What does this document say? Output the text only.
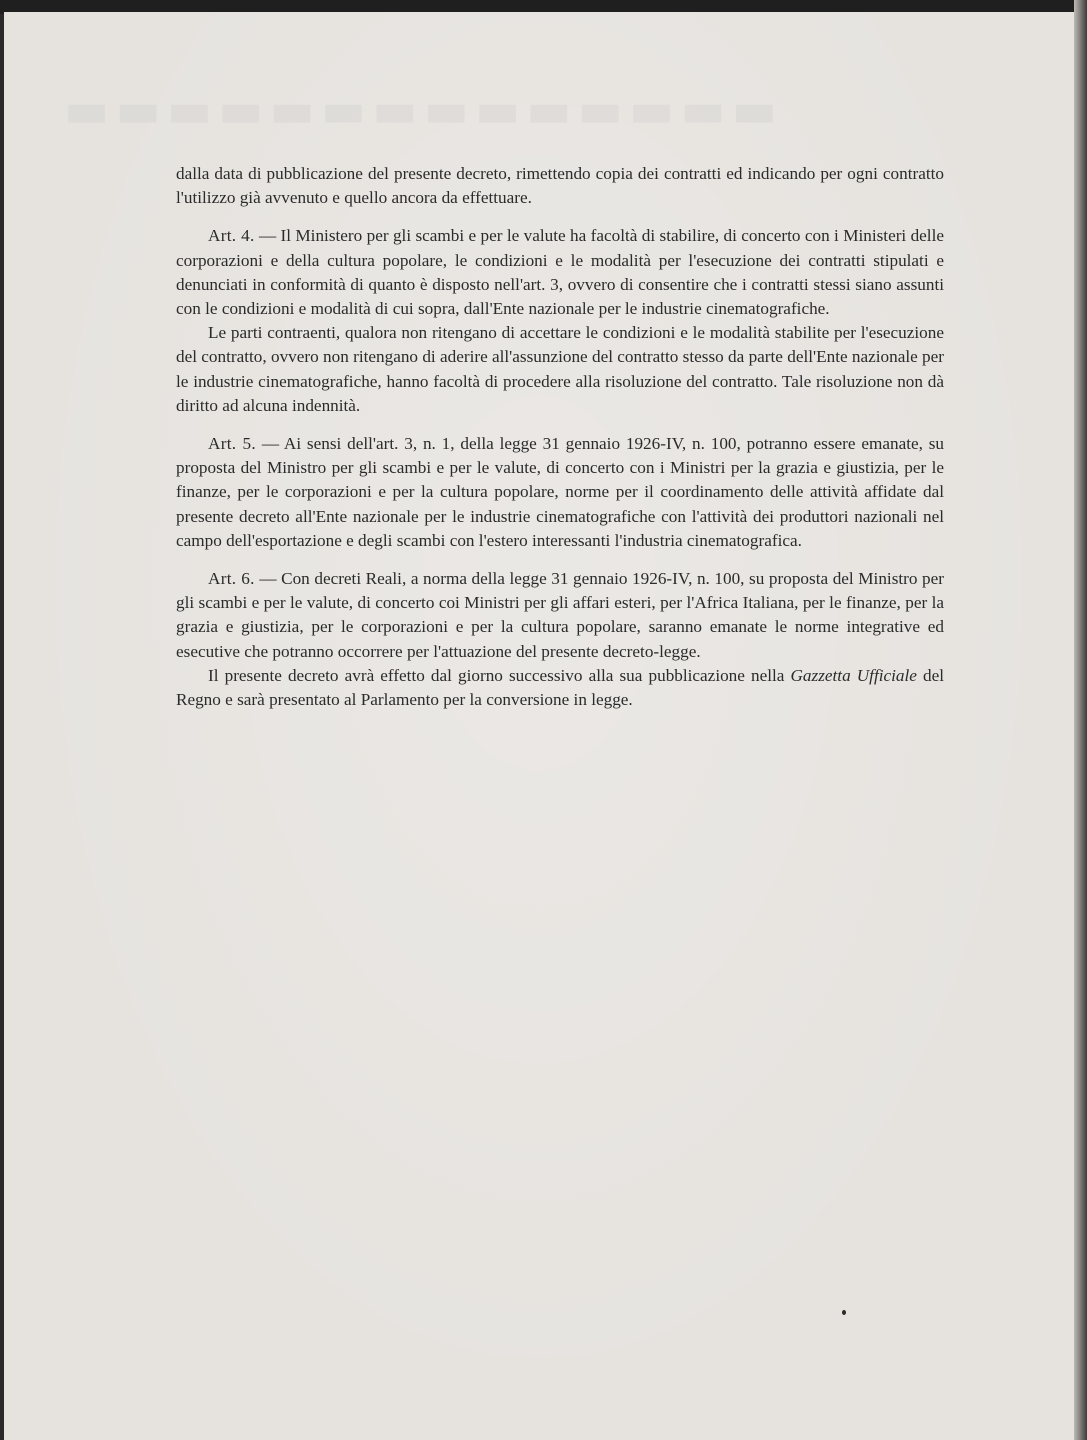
dalla data di pubblicazione del presente decreto, rimettendo copia dei contratti ed indicando per ogni contratto l'utilizzo già avvenuto e quello ancora da effettuare.

Art. 4. — Il Ministero per gli scambi e per le valute ha facoltà di stabilire, di concerto con i Ministeri delle corporazioni e della cultura popolare, le condizioni e le modalità per l'esecuzione dei contratti stipulati e denunciati in conformità di quanto è disposto nell'art. 3, ovvero di consentire che i contratti stessi siano assunti con le condizioni e modalità di cui sopra, dall'Ente nazionale per le industrie cinematografiche.

Le parti contraenti, qualora non ritengano di accettare le condizioni e le modalità stabilite per l'esecuzione del contratto, ovvero non ritengano di aderire all'assunzione del contratto stesso da parte dell'Ente nazionale per le industrie cinematografiche, hanno facoltà di procedere alla risoluzione del contratto. Tale risoluzione non dà diritto ad alcuna indennità.

Art. 5. — Ai sensi dell'art. 3, n. 1, della legge 31 gennaio 1926-IV, n. 100, potranno essere emanate, su proposta del Ministro per gli scambi e per le valute, di concerto con i Ministri per la grazia e giustizia, per le finanze, per le corporazioni e per la cultura popolare, norme per il coordinamento delle attività affidate dal presente decreto all'Ente nazionale per le industrie cinematografiche con l'attività dei produttori nazionali nel campo dell'esportazione e degli scambi con l'estero interessanti l'industria cinematografica.

Art. 6. — Con decreti Reali, a norma della legge 31 gennaio 1926-IV, n. 100, su proposta del Ministro per gli scambi e per le valute, di concerto coi Ministri per gli affari esteri, per l'Africa Italiana, per le finanze, per la grazia e giustizia, per le corporazioni e per la cultura popolare, saranno emanate le norme integrative ed esecutive che potranno occorrere per l'attuazione del presente decreto-legge.

Il presente decreto avrà effetto dal giorno successivo alla sua pubblicazione nella Gazzetta Ufficiale del Regno e sarà presentato al Parlamento per la conversione in legge.
